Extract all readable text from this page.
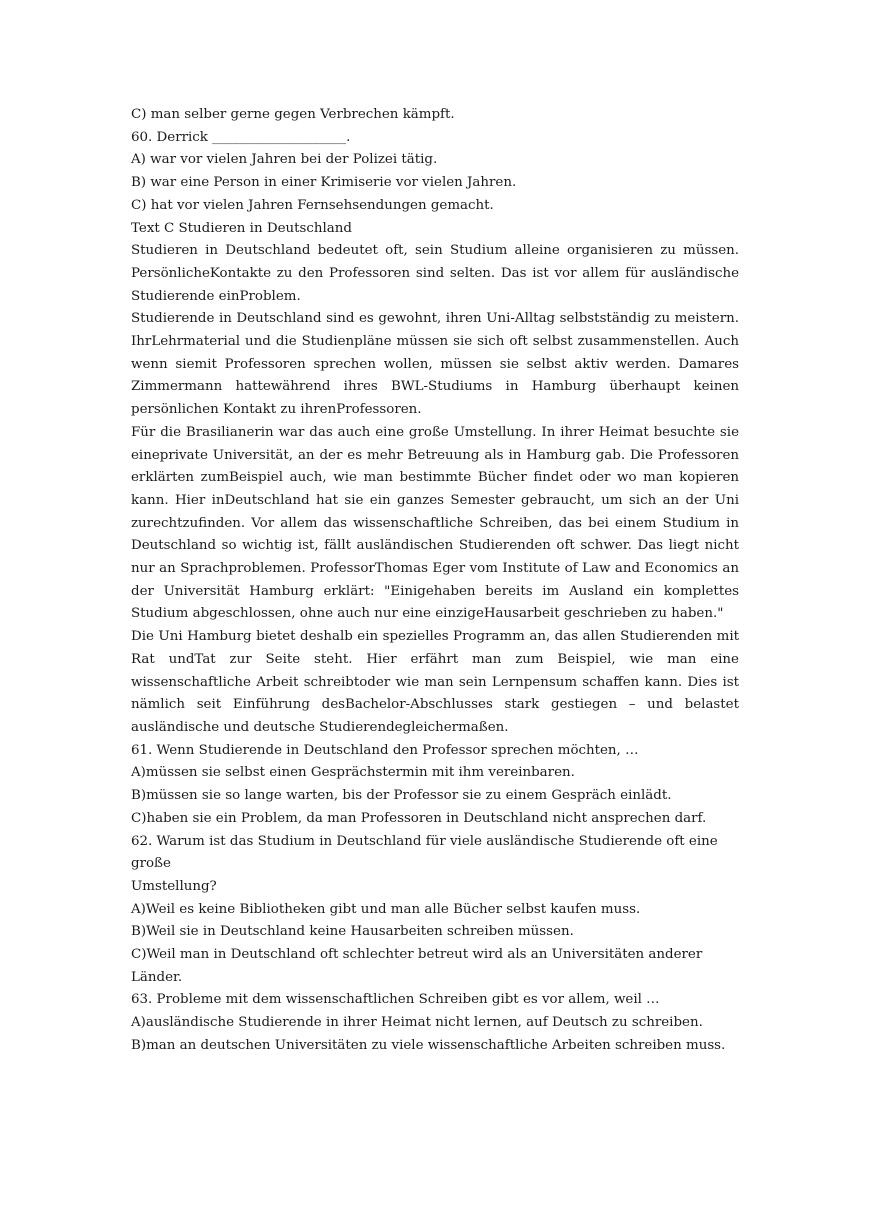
C) man selber gerne gegen Verbrechen kämpft.

60. Derrick ____________________.

A) war vor vielen Jahren bei der Polizei tätig.

B) war eine Person in einer Krimiserie vor vielen Jahren.

C) hat vor vielen Jahren Fernsehsendungen gemacht.

Text C Studieren in Deutschland

Studieren in Deutschland bedeutet oft, sein Studium alleine organisieren zu müssen. PersönlicheKontakte zu den Professoren sind selten. Das ist vor allem für ausländische Studierende einProblem.

Studierende in Deutschland sind es gewohnt, ihren Uni‑Alltag selbstständig zu meistern. IhrLehrmaterial und die Studienpläne müssen sie sich oft selbst zusammenstellen. Auch wenn siemit Professoren sprechen wollen, müssen sie selbst aktiv werden. Damares Zimmermann hattewährend ihres BWL‑Studiums in Hamburg überhaupt keinen persönlichen Kontakt zu ihrenProfessoren.

Für die Brasilianerin war das auch eine große Umstellung. In ihrer Heimat besuchte sie eineprivate Universität, an der es mehr Betreuung als in Hamburg gab. Die Professoren erklärten zumBeispiel auch, wie man bestimmte Bücher findet oder wo man kopieren kann. Hier inDeutschland hat sie ein ganzes Semester gebraucht, um sich an der Uni zurechtzufinden. Vor allem das wissenschaftliche Schreiben, das bei einem Studium in Deutschland so wichtig ist, fällt ausländischen Studierenden oft schwer. Das liegt nicht nur an Sprachproblemen. ProfessorThomas Eger vom Institute of Law and Economics an der Universität Hamburg erklärt: "Einigehaben bereits im Ausland ein komplettes Studium abgeschlossen, ohne auch nur eine einzigeHausarbeit geschrieben zu haben."

Die Uni Hamburg bietet deshalb ein spezielles Programm an, das allen Studierenden mit Rat undTat zur Seite steht. Hier erfährt man zum Beispiel, wie man eine wissenschaftliche Arbeit schreibtoder wie man sein Lernpensum schaffen kann. Dies ist nämlich seit Einführung desBachelor‑Abschlusses stark gestiegen – und belastet ausländische und deutsche Studierendegleichermaßen.

61. Wenn Studierende in Deutschland den Professor sprechen möchten, …

A)müssen sie selbst einen Gesprächstermin mit ihm vereinbaren.

B)müssen sie so lange warten, bis der Professor sie zu einem Gespräch einlädt.

C)haben sie ein Problem, da man Professoren in Deutschland nicht ansprechen darf.

62. Warum ist das Studium in Deutschland für viele ausländische Studierende oft eine große

Umstellung?

A)Weil es keine Bibliotheken gibt und man alle Bücher selbst kaufen muss.

B)Weil sie in Deutschland keine Hausarbeiten schreiben müssen.

C)Weil man in Deutschland oft schlechter betreut wird als an Universitäten anderer Länder.

63. Probleme mit dem wissenschaftlichen Schreiben gibt es vor allem, weil …

A)ausländische Studierende in ihrer Heimat nicht lernen, auf Deutsch zu schreiben.

B)man an deutschen Universitäten zu viele wissenschaftliche Arbeiten schreiben muss.
